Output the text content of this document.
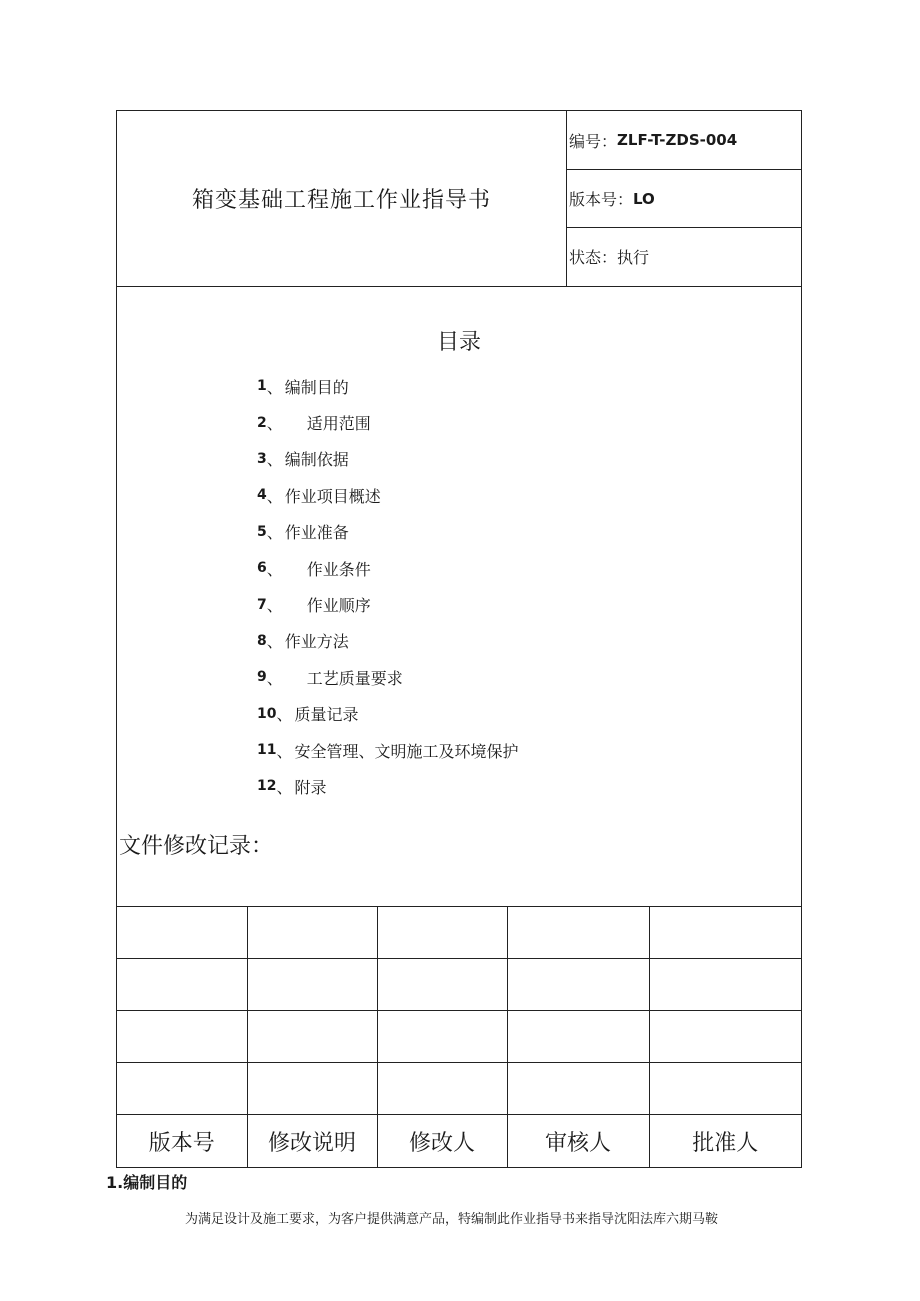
箱变基础工程施工作业指导书
编号： ZLF-T-ZDS-004
版本号： LO
状态： 执行
目录
1 、 编制目的
2 、 适用范围
3 、 编制依据
4 、 作业项目概述
5 、 作业准备
6 、 作业条件
7 、 作业顺序
8 、 作业方法
9 、 工艺质量要求
10 、 质量记录
11 、 安全管理、文明施工及环境保护
12 、 附录
文件修改记录：

版本号	修改说明	修改人	审核人	批准人
1.编制目的
为满足设计及施工要求，为客户提供满意产品，特编制此作业指导书来指导沈阳法库六期马鞍
